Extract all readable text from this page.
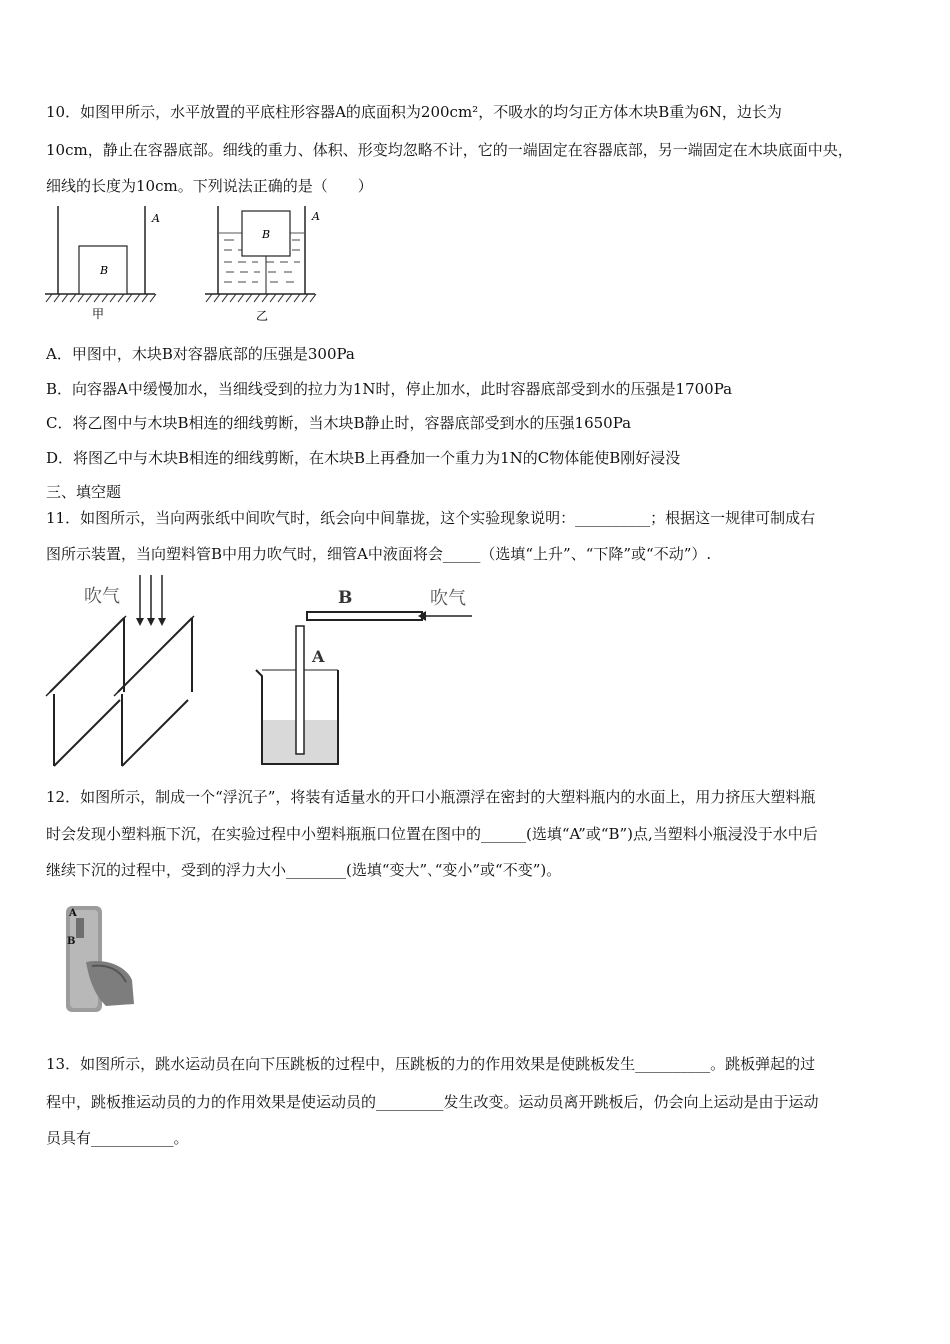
10．如图甲所示，水平放置的平底柱形容器A的底面积为200cm²，不吸水的均匀正方体木块B重为6N，边长为
10cm，静止在容器底部。细线的重力、体积、形变均忽略不计，它的一端固定在容器底部，另一端固定在木块底面中央，
细线的长度为10cm。下列说法正确的是（　　）
B
A
甲
B
A
乙
A．甲图中，木块B对容器底部的压强是300Pa
B．向容器A中缓慢加水，当细线受到的拉力为1N时，停止加水，此时容器底部受到水的压强是1700Pa
C．将乙图中与木块B相连的细线剪断，当木块B静止时，容器底部受到水的压强1650Pa
D．将图乙中与木块B相连的细线剪断，在木块B上再叠加一个重力为1N的C物体能使B刚好浸没
三、填空题
11．如图所示，当向两张纸中间吹气时，纸会向中间靠拢，这个实验现象说明：__________；根据这一规律可制成右
图所示装置，当向塑料管B中用力吹气时，细管A中液面将会_____（选填“上升”、“下降”或“不动”）.
吹气	B	吹气
A
12．如图所示，制成一个“浮沉子”，将装有适量水的开口小瓶漂浮在密封的大塑料瓶内的水面上，用力挤压大塑料瓶
时会发现小塑料瓶下沉，在实验过程中小塑料瓶瓶口位置在图中的______(选填“A”或“B”)点,当塑料小瓶浸没于水中后
继续下沉的过程中，受到的浮力大小________(选填“变大”､“变小”或“不变”)。
A
B
13．如图所示，跳水运动员在向下压跳板的过程中，压跳板的力的作用效果是使跳板发生__________。跳板弹起的过
程中，跳板推运动员的力的作用效果是使运动员的_________发生改变。运动员离开跳板后，仍会向上运动是由于运动
员具有___________。
